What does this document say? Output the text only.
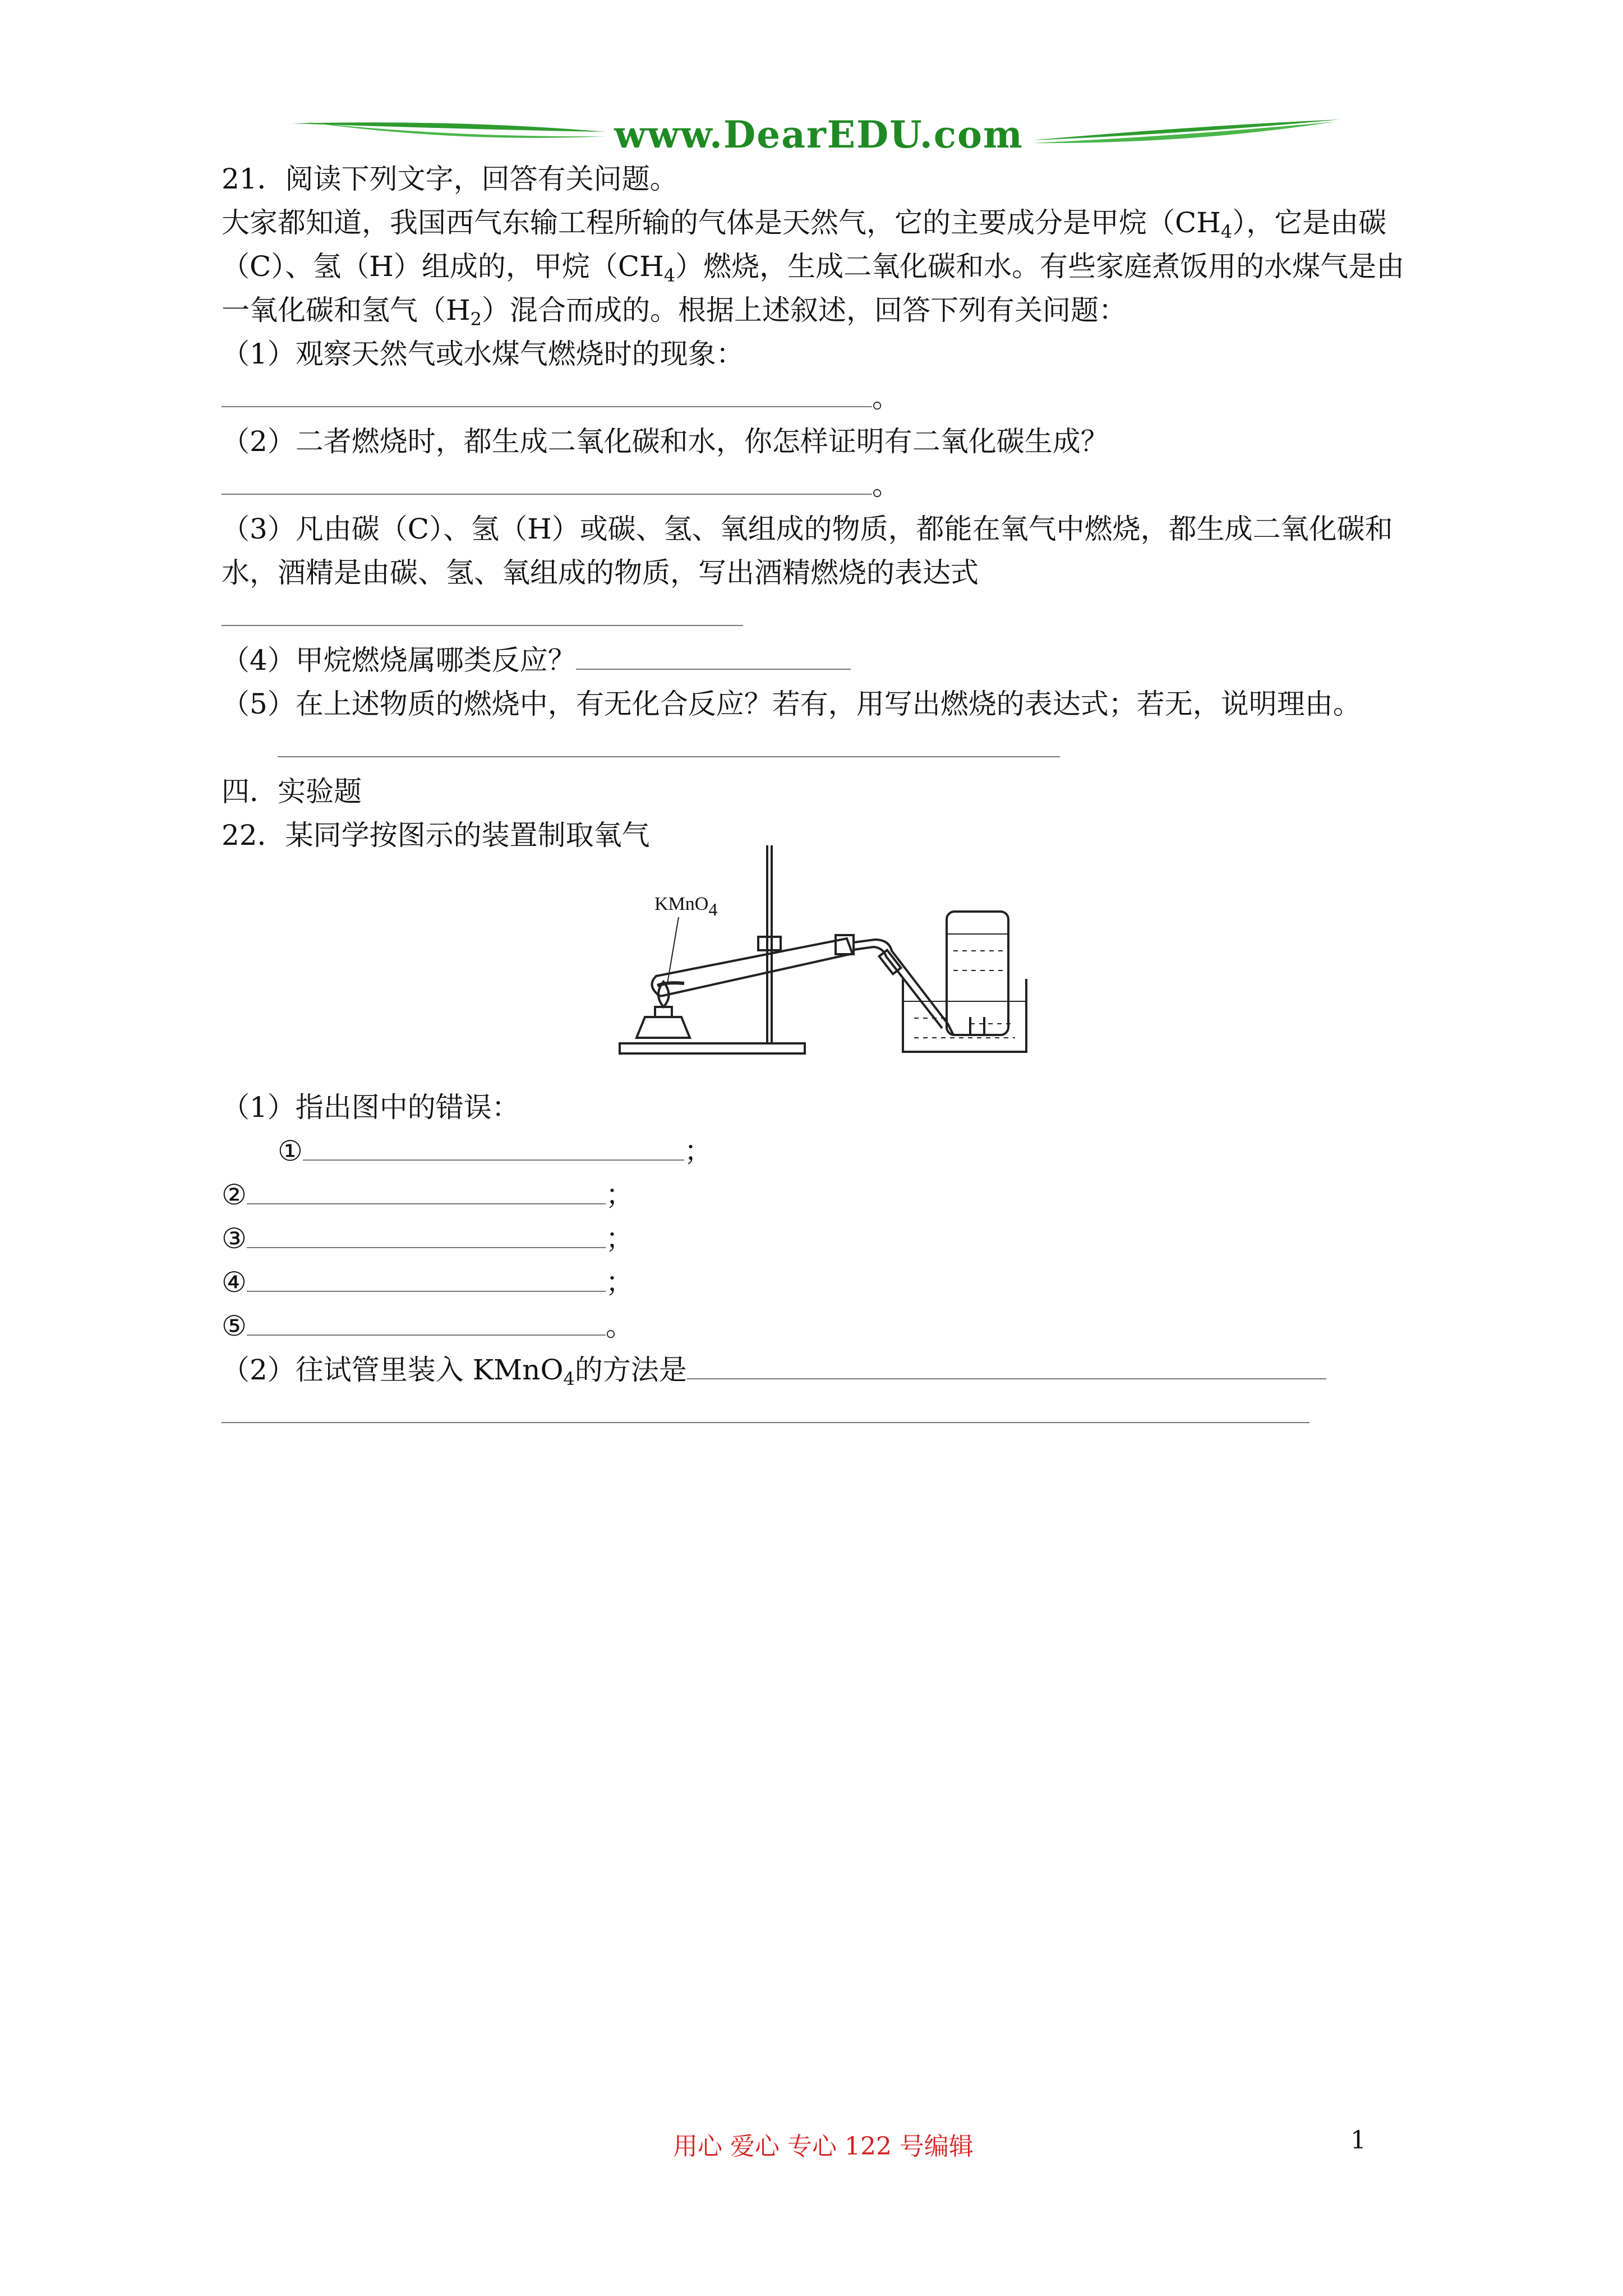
www.DearEDU.com
21．阅读下列文字，回答有关问题。
大家都知道，我国西气东输工程所输的气体是天然气，它的主要成分是甲烷$(CH_4)$，它是由碳
（C）、氢（H）组成的，甲烷$(CH_4)$燃烧，生成二氧化碳和水。有些家庭煮饭用的水煤气是由
一氧化碳和氢气$(H_2)$混合而成的。根据上述叙述，回答下列有关问题：
（1）观察天然气或水煤气燃烧时的现象：
。
（2）二者燃烧时，都生成二氧化碳和水，你怎样证明有二氧化碳生成？
。
（3）凡由碳（C）、氢（H）或碳、氢、氧组成的物质，都能在氧气中燃烧，都生成二氧化碳和
水，酒精是由碳、氢、氧组成的物质，写出酒精燃烧的表达式
（4）甲烷燃烧属哪类反应？
（5）在上述物质的燃烧中，有无化合反应？若有，用写出燃烧的表达式；若无，说明理由。
四．实验题
22．某同学按图示的装置制取氧气
KMnO$_4$
（1）指出图中的错误：
①	；
②	；
③	；
④	；
⑤	。
（2）往试管里装入 KMnO$_4$的方法是
用心 爱心 专心 122 号编辑	1
